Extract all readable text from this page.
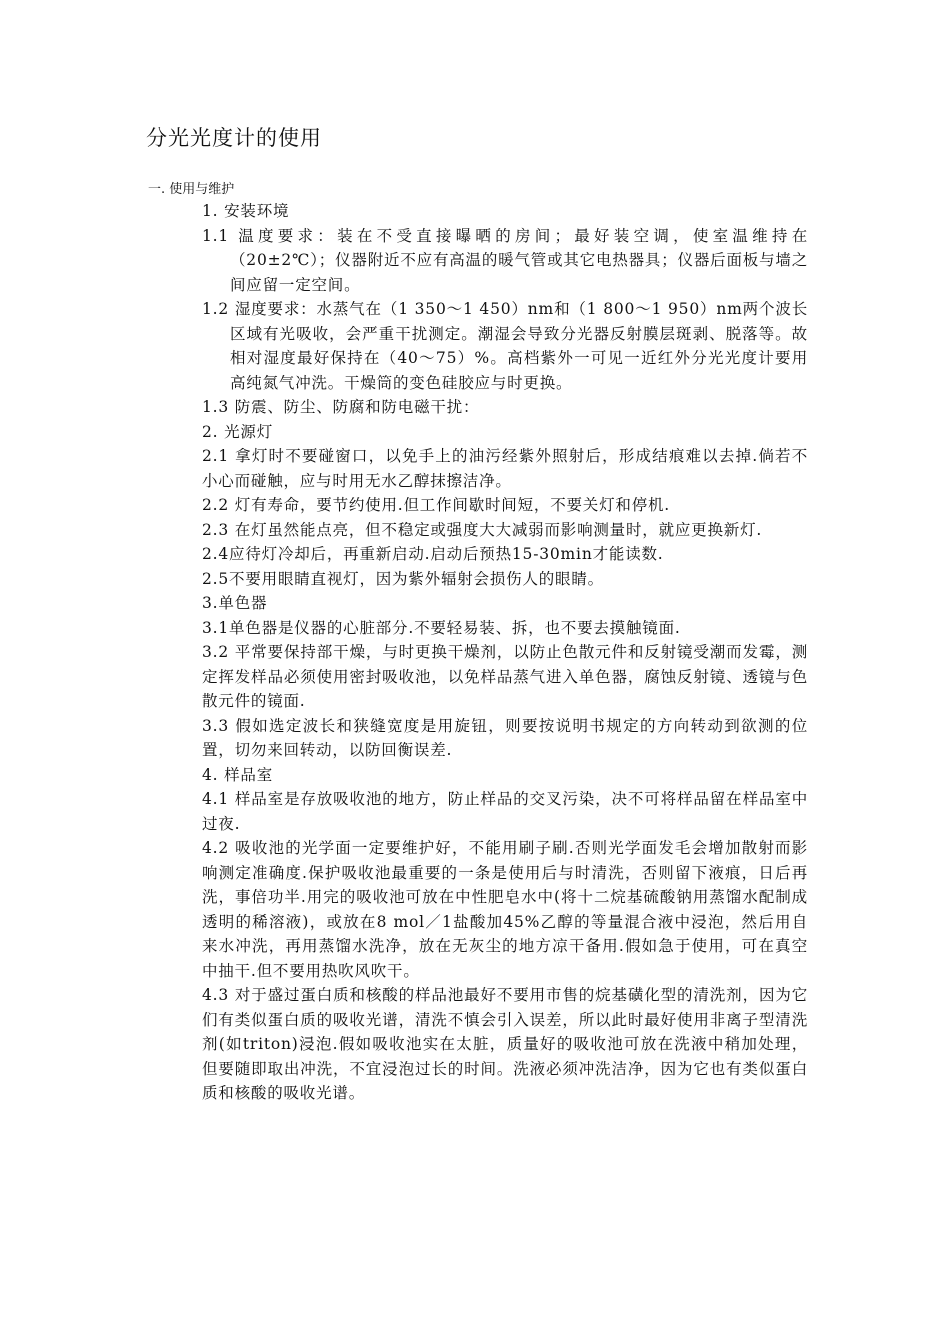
分光光度计的使用
一. 使用与维护

1. 安装环境

1.1 温度要求：装在不受直接曝晒的房间；最好装空调，使室温维持在（20±2℃）；仪器附近不应有高温的暖气管或其它电热器具；仪器后面板与墙之间应留一定空间。

1.2 湿度要求：水蒸气在（1 350～1 450）nm和（1 800～1 950）nm两个波长区域有光吸收，会严重干扰测定。潮湿会导致分光器反射膜层斑剥、脱落等。故相对湿度最好保持在（40～75）%。高档紫外一可见一近红外分光光度计要用高纯氮气冲洗。干燥筒的变色硅胶应与时更换。

1.3 防震、防尘、防腐和防电磁干扰：

2. 光源灯

2.1 拿灯时不要碰窗口，以免手上的油污经紫外照射后，形成结痕难以去掉.倘若不小心而碰触，应与时用无水乙醇抹擦洁净。

2.2 灯有寿命，要节约使用.但工作间歇时间短，不要关灯和停机.

2.3 在灯虽然能点亮，但不稳定或强度大大减弱而影响测量时，就应更换新灯.

2.4应待灯冷却后，再重新启动.启动后预热15-30min才能读数.

2.5不要用眼睛直视灯，因为紫外辐射会损伤人的眼睛。

3.单色器

3.1单色器是仪器的心脏部分.不要轻易装、拆，也不要去摸触镜面.

3.2 平常要保持部干燥，与时更换干燥剂，以防止色散元件和反射镜受潮而发霉，测定挥发样品必须使用密封吸收池，以免样品蒸气进入单色器，腐蚀反射镜、透镜与色散元件的镜面.

3.3 假如选定波长和狭缝宽度是用旋钮，则要按说明书规定的方向转动到欲测的位置，切勿来回转动，以防回衡误差.

4. 样品室

4.1 样品室是存放吸收池的地方，防止样品的交叉污染，决不可将样品留在样品室中过夜.

4.2 吸收池的光学面一定要维护好，不能用刷子刷.否则光学面发毛会增加散射而影响测定准确度.保护吸收池最重要的一条是使用后与时清洗，否则留下液痕，日后再洗，事倍功半.用完的吸收池可放在中性肥皂水中(将十二烷基硫酸钠用蒸馏水配制成透明的稀溶液)，或放在8 mol／1盐酸加45%乙醇的等量混合液中浸泡，然后用自来水冲洗，再用蒸馏水洗净，放在无灰尘的地方凉干备用.假如急于使用，可在真空中抽干.但不要用热吹风吹干。

4.3 对于盛过蛋白质和核酸的样品池最好不要用市售的烷基磺化型的清洗剂，因为它们有类似蛋白质的吸收光谱，清洗不慎会引入误差，所以此时最好使用非离子型清洗剂(如triton)浸泡.假如吸收池实在太脏，质量好的吸收池可放在洗液中稍加处理，但要随即取出冲洗，不宜浸泡过长的时间。洗液必须冲洗洁净，因为它也有类似蛋白质和核酸的吸收光谱。
